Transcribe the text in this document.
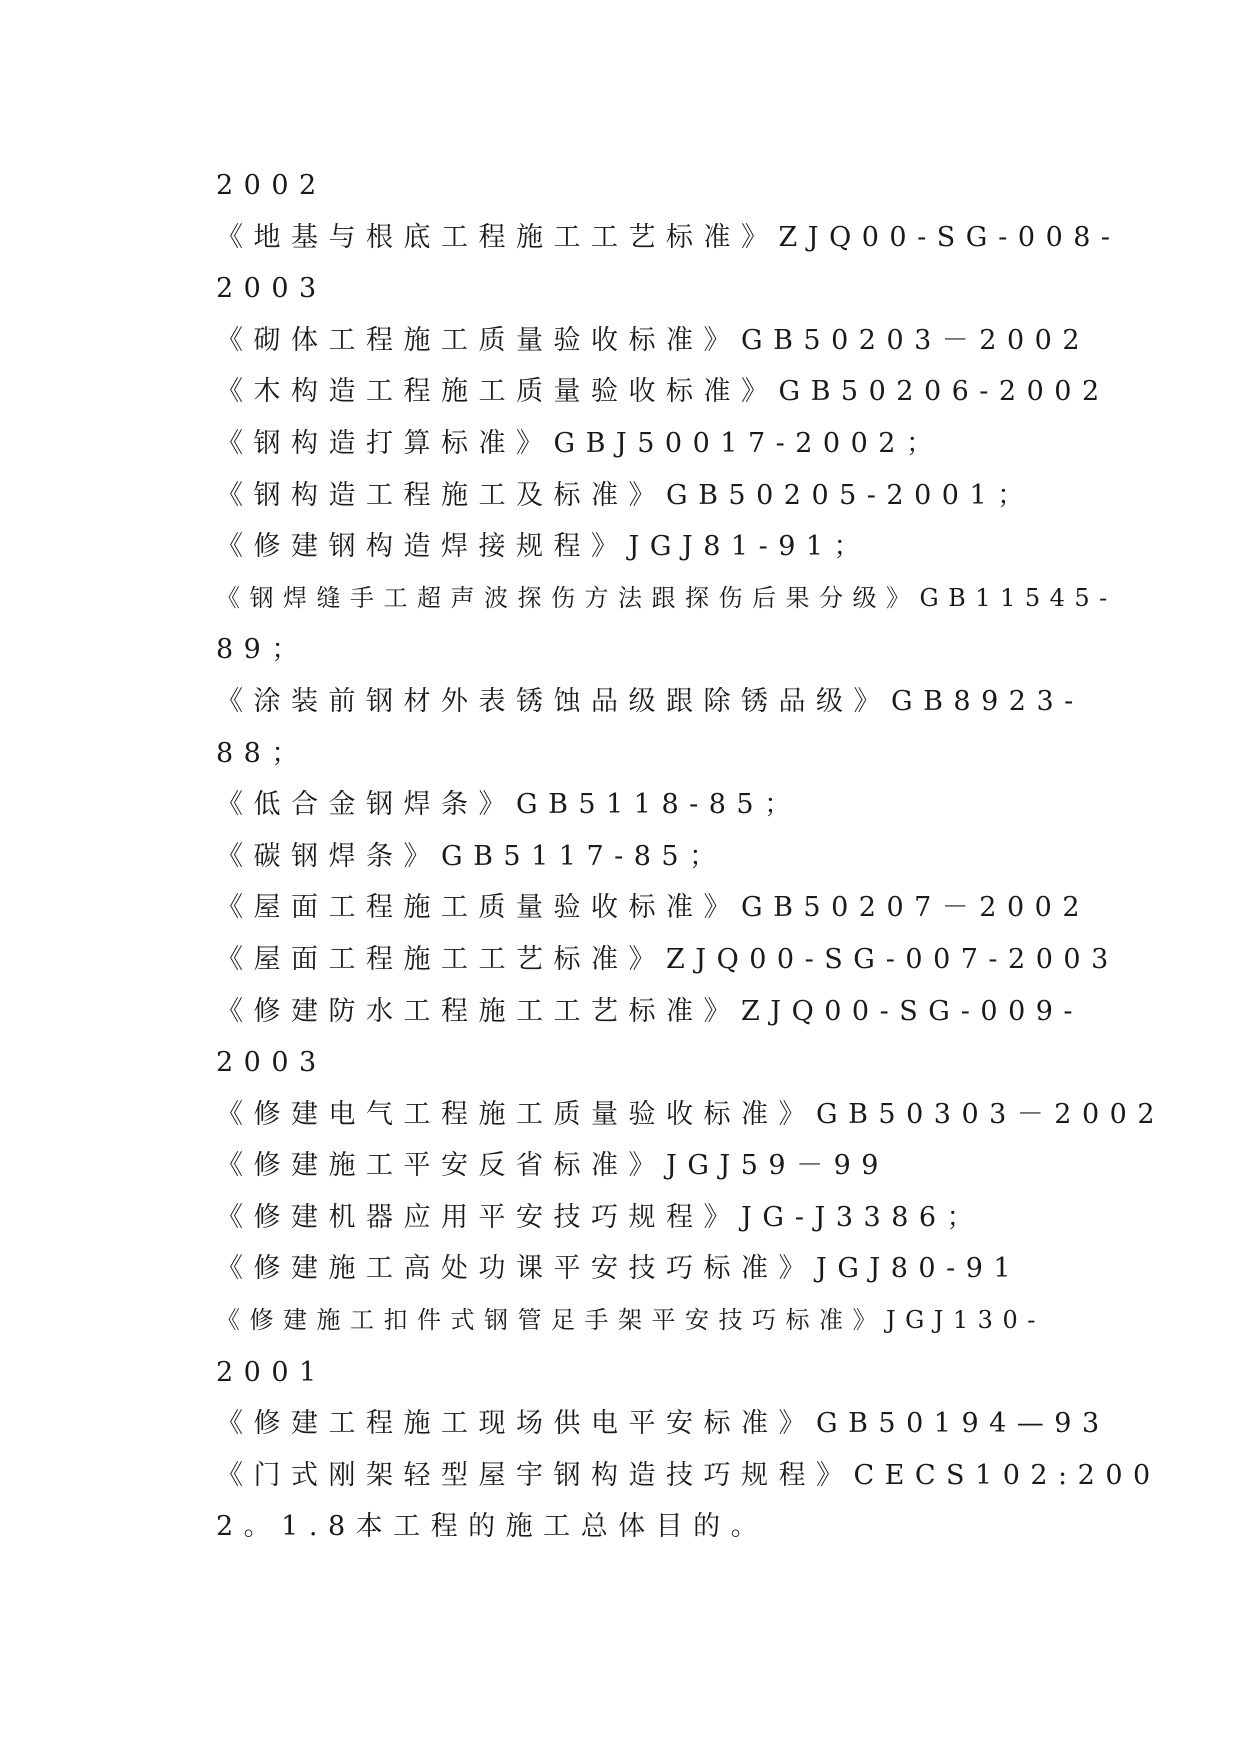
2002
《地基与根底工程施工工艺标准》ZJQ00-SG-008-
2003
《砌体工程施工质量验收标准》GB50203－2002
《木构造工程施工质量验收标准》GB50206-2002
《钢构造打算标准》GBJ50017-2002；
《钢构造工程施工及标准》GB50205-2001；
《修建钢构造焊接规程》JGJ81-91；
《钢焊缝手工超声波探伤方法跟探伤后果分级》GB11545-
89；
《涂装前钢材外表锈蚀品级跟除锈品级》GB8923-
88；
《低合金钢焊条》GB5118-85；
《碳钢焊条》GB5117-85；
《屋面工程施工质量验收标准》GB50207－2002
《屋面工程施工工艺标准》ZJQ00-SG-007-2003
《修建防水工程施工工艺标准》ZJQ00-SG-009-
2003
《修建电气工程施工质量验收标准》GB50303－2002
《修建施工平安反省标准》JGJ59－99
《修建机器应用平安技巧规程》JG-J3386；
《修建施工高处功课平安技巧标准》JGJ80-91
《修建施工扣件式钢管足手架平安技巧标准》JGJ130-
2001
《修建工程施工现场供电平安标准》GB50194—93
《门式刚架轻型屋宇钢构造技巧规程》CECS102:200
2。1.8本工程的施工总体目的。
